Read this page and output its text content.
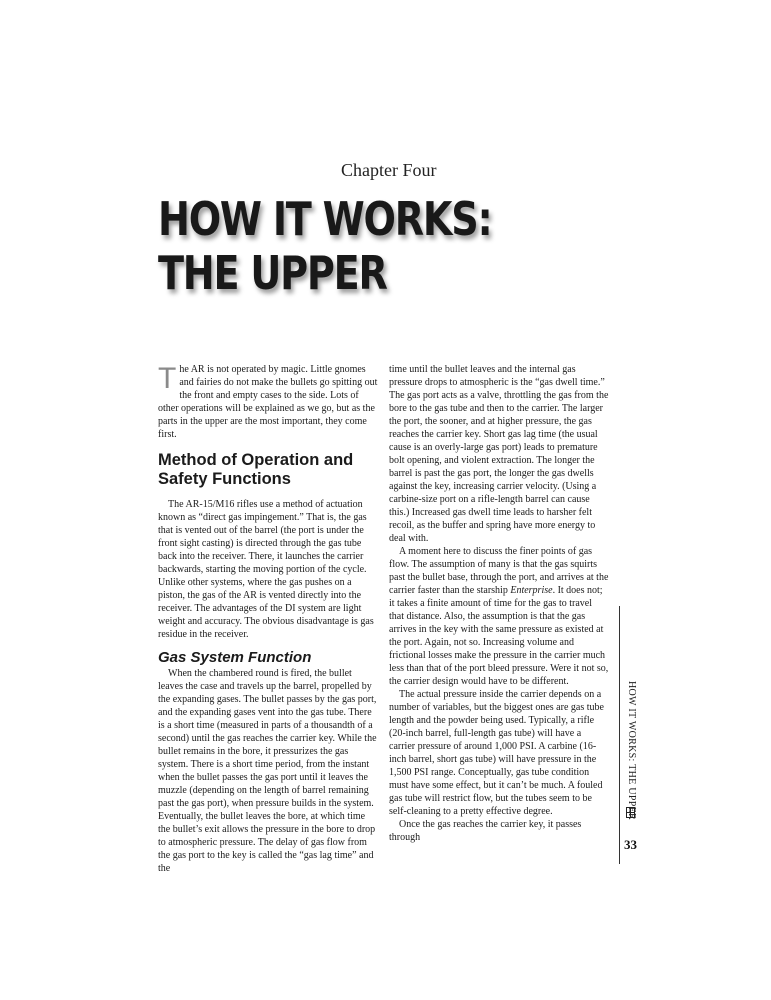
Chapter Four
HOW IT WORKS:
THE UPPER

The AR is not operated by magic. Little gnomes and fairies do not make the bullets go spitting out the front and empty cases to the side. Lots of other operations will be explained as we go, but as the parts in the upper are the most important, they come first.

Method of Operation and Safety Functions

The AR-15/M16 rifles use a method of actuation known as “direct gas impingement.” That is, the gas that is vented out of the barrel (the port is under the front sight casting) is directed through the gas tube back into the receiver. There, it launches the carrier backwards, starting the moving portion of the cycle. Unlike other systems, where the gas pushes on a piston, the gas of the AR is vented directly into the receiver. The advantages of the DI system are light weight and accuracy. The obvious disadvantage is gas residue in the receiver.

Gas System Function

When the chambered round is fired, the bullet leaves the case and travels up the barrel, propelled by the expanding gases. The bullet passes by the gas port, and the expanding gases vent into the gas tube. There is a short time (measured in parts of a thousandth of a second) until the gas reaches the carrier key. While the bullet remains in the bore, it pressurizes the gas system. There is a short time period, from the instant when the bullet passes the gas port until it leaves the muzzle (depending on the length of barrel remaining past the gas port), when pressure builds in the system. Eventually, the bullet leaves the bore, at which time the bullet’s exit allows the pressure in the bore to drop to atmospheric pressure. The delay of gas flow from the gas port to the key is called the “gas lag time” and the

time until the bullet leaves and the internal gas pressure drops to atmospheric is the “gas dwell time.” The gas port acts as a valve, throttling the gas from the bore to the gas tube and then to the carrier. The larger the port, the sooner, and at higher pressure, the gas reaches the carrier key. Short gas lag time (the usual cause is an overly-large gas port) leads to premature bolt opening, and violent extraction. The longer the barrel is past the gas port, the longer the gas dwells against the key, increasing carrier velocity. (Using a carbine-size port on a rifle-length barrel can cause this.) Increased gas dwell time leads to harsher felt recoil, as the buffer and spring have more energy to deal with.

A moment here to discuss the finer points of gas flow. The assumption of many is that the gas squirts past the bullet base, through the port, and arrives at the carrier faster than the starship Enterprise. It does not; it takes a finite amount of time for the gas to travel that distance. Also, the assumption is that the gas arrives in the key with the same pressure as existed at the port. Again, not so. Increasing volume and frictional losses make the pressure in the carrier much less than that of the port bleed pressure. Were it not so, the carrier design would have to be different.

The actual pressure inside the carrier depends on a number of variables, but the biggest ones are gas tube length and the powder being used. Typically, a rifle (20-inch barrel, full-length gas tube) will have a carrier pressure of around 1,000 PSI. A carbine (16-inch barrel, short gas tube) will have pressure in the 1,500 PSI range. Conceptually, gas tube condition must have some effect, but it can’t be much. A fouled gas tube will restrict flow, but the tubes seem to be self-cleaning to a pretty effective degree.

Once the gas reaches the carrier key, it passes through

HOW IT WORKS: THE UPPER
33
